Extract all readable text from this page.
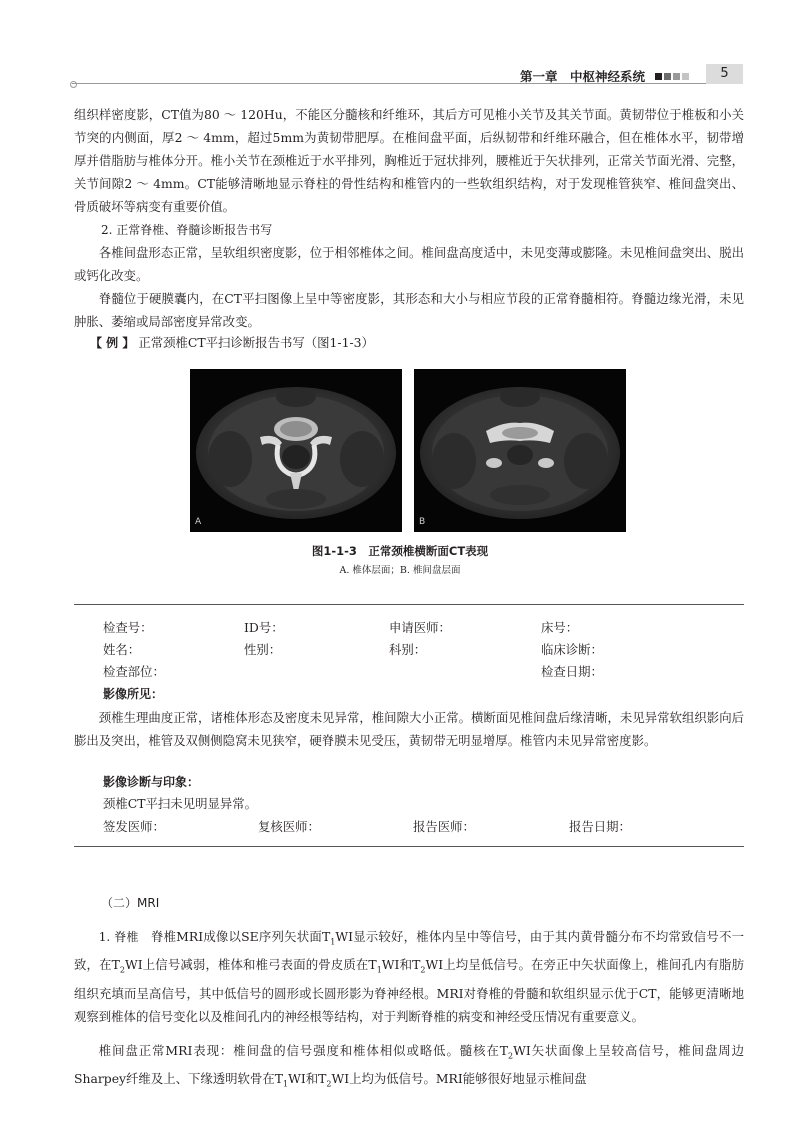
第一章　中枢神经系统	5
组织样密度影，CT值为80 ～ 120Hu，不能区分髓核和纤维环，其后方可见椎小关节及其关节面。黄韧带位于椎板和小关节突的内侧面，厚2 ～ 4mm，超过5mm为黄韧带肥厚。在椎间盘平面，后纵韧带和纤维环融合，但在椎体水平，韧带增厚并借脂肪与椎体分开。椎小关节在颈椎近于水平排列，胸椎近于冠状排列，腰椎近于矢状排列，正常关节面光滑、完整，关节间隙2 ～ 4mm。CT能够清晰地显示脊柱的骨性结构和椎管内的一些软组织结构，对于发现椎管狭窄、椎间盘突出、骨质破坏等病变有重要价值。
2. 正常脊椎、脊髓诊断报告书写
各椎间盘形态正常，呈软组织密度影，位于相邻椎体之间。椎间盘高度适中，未见变薄或膨隆。未见椎间盘突出、脱出或钙化改变。
脊髓位于硬膜囊内，在CT平扫图像上呈中等密度影，其形态和大小与相应节段的正常脊髓相符。脊髓边缘光滑，未见肿胀、萎缩或局部密度异常改变。
【 例 】 正常颈椎CT平扫诊断报告书写（图1-1-3）
A	B
图1-1-3　正常颈椎横断面CT表现
A. 椎体层面；B. 椎间盘层面
检查号：	ID号：	申请医师：	床号：
姓名：	性别：	科别：	临床诊断：
检查部位：	检查日期：
影像所见：
颈椎生理曲度正常，诸椎体形态及密度未见异常，椎间隙大小正常。横断面见椎间盘后缘清晰，未见异常软组织影向后膨出及突出，椎管及双侧侧隐窝未见狭窄，硬脊膜未见受压，黄韧带无明显增厚。椎管内未见异常密度影。
影像诊断与印象：
颈椎CT平扫未见明显异常。
签发医师：	复核医师：	报告医师：	报告日期：
（二）MRI
1. 脊椎　脊椎MRI成像以SE序列矢状面$T_1WI$显示较好，椎体内呈中等信号，由于其内黄骨髓分布不均常致信号不一致，在$T_2WI$上信号减弱，椎体和椎弓表面的骨皮质在$T_1WI$和$T_2WI$上均呈低信号。在旁正中矢状面像上，椎间孔内有脂肪组织充填而呈高信号，其中低信号的圆形或长圆形影为脊神经根。MRI对脊椎的骨髓和软组织显示优于CT，能够更清晰地观察到椎体的信号变化以及椎间孔内的神经根等结构，对于判断脊椎的病变和神经受压情况有重要意义。
椎间盘正常MRI表现：椎间盘的信号强度和椎体相似或略低。髓核在$T_2WI$矢状面像上呈较高信号，椎间盘周边Sharpey纤维及上、下缘透明软骨在$T_1WI$和$T_2WI$上均为低信号。MRI能够很好地显示椎间盘
